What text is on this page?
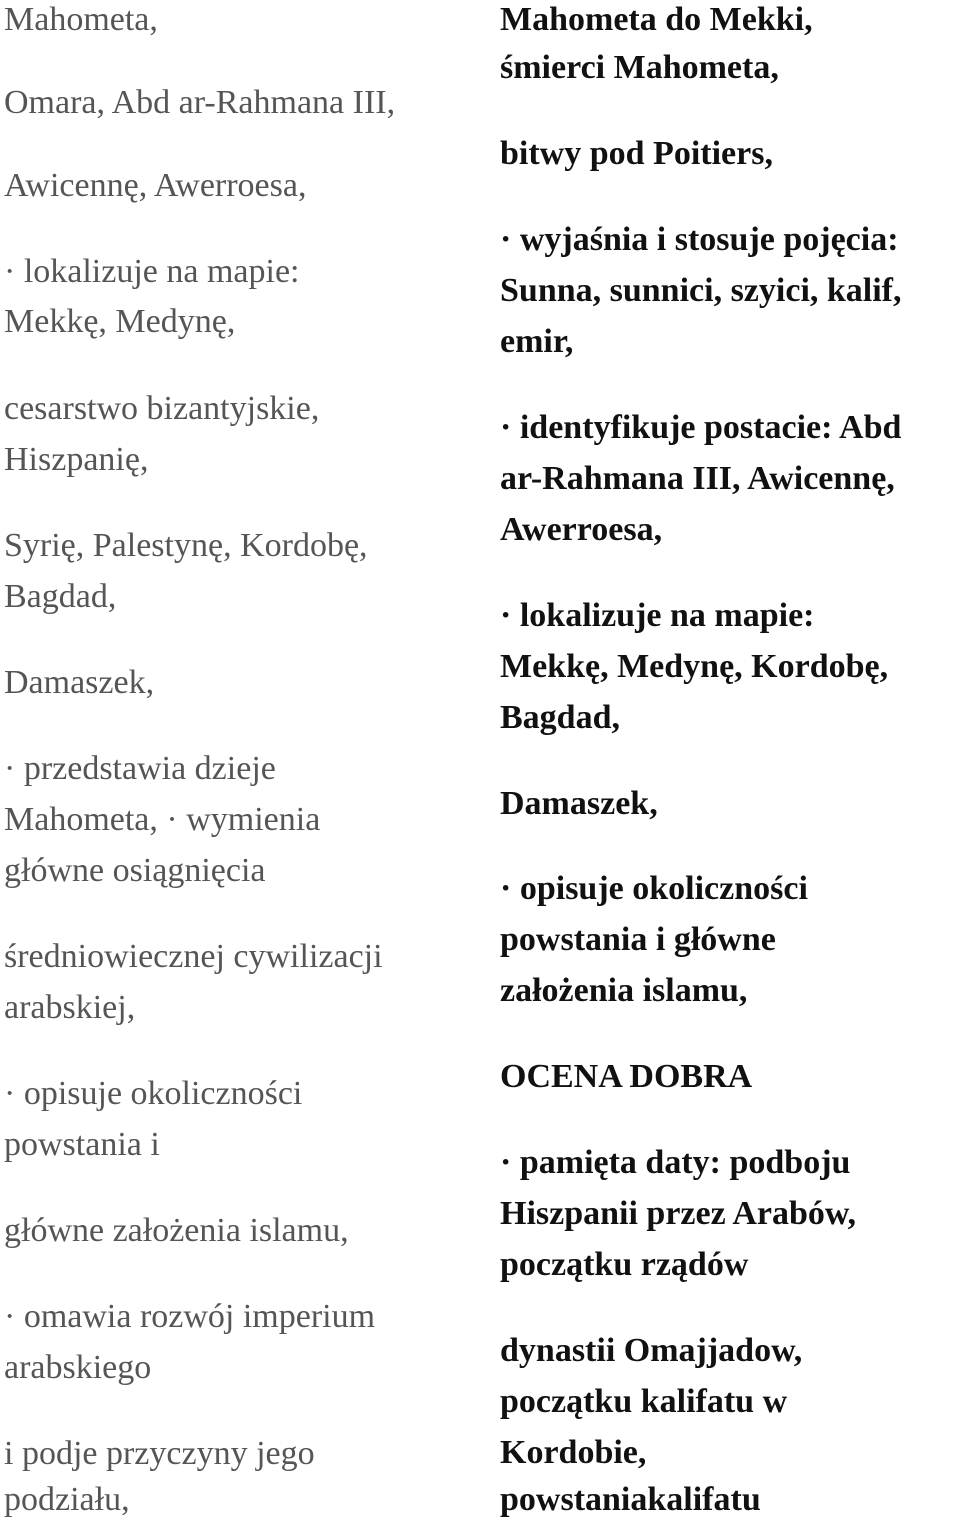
Mahometa,
Omara, Abd ar-Rahmana III,
Awicennę, Awerroesa,
· lokalizuje na mapie:
Mekkę, Medynę,
cesarstwo bizantyjskie,
Hiszpanię,
Syrię, Palestynę, Kordobę,
Bagdad,
Damaszek,
· przedstawia dzieje
Mahometa, · wymienia
główne osiągnięcia
średniowiecznej cywilizacji
arabskiej,
· opisuje okoliczności
powstania i
główne założenia islamu,
· omawia rozwój imperium
arabskiego
i podje przyczyny jego
podziału,
Mahometa do Mekki,
śmierci Mahometa,
bitwy pod Poitiers,
· wyjaśnia i stosuje pojęcia:
Sunna, sunnici, szyici, kalif,
emir,
· identyfikuje postacie: Abd
ar-Rahmana III, Awicennę,
Awerroesa,
· lokalizuje na mapie:
Mekkę, Medynę, Kordobę,
Bagdad,
Damaszek,
· opisuje okoliczności
powstania i główne
założenia islamu,
OCENA DOBRA
· pamięta daty: podboju
Hiszpanii przez Arabów,
początku rządów
dynastii Omajjadow,
początku kalifatu w
Kordobie,
powstaniakalifatu
